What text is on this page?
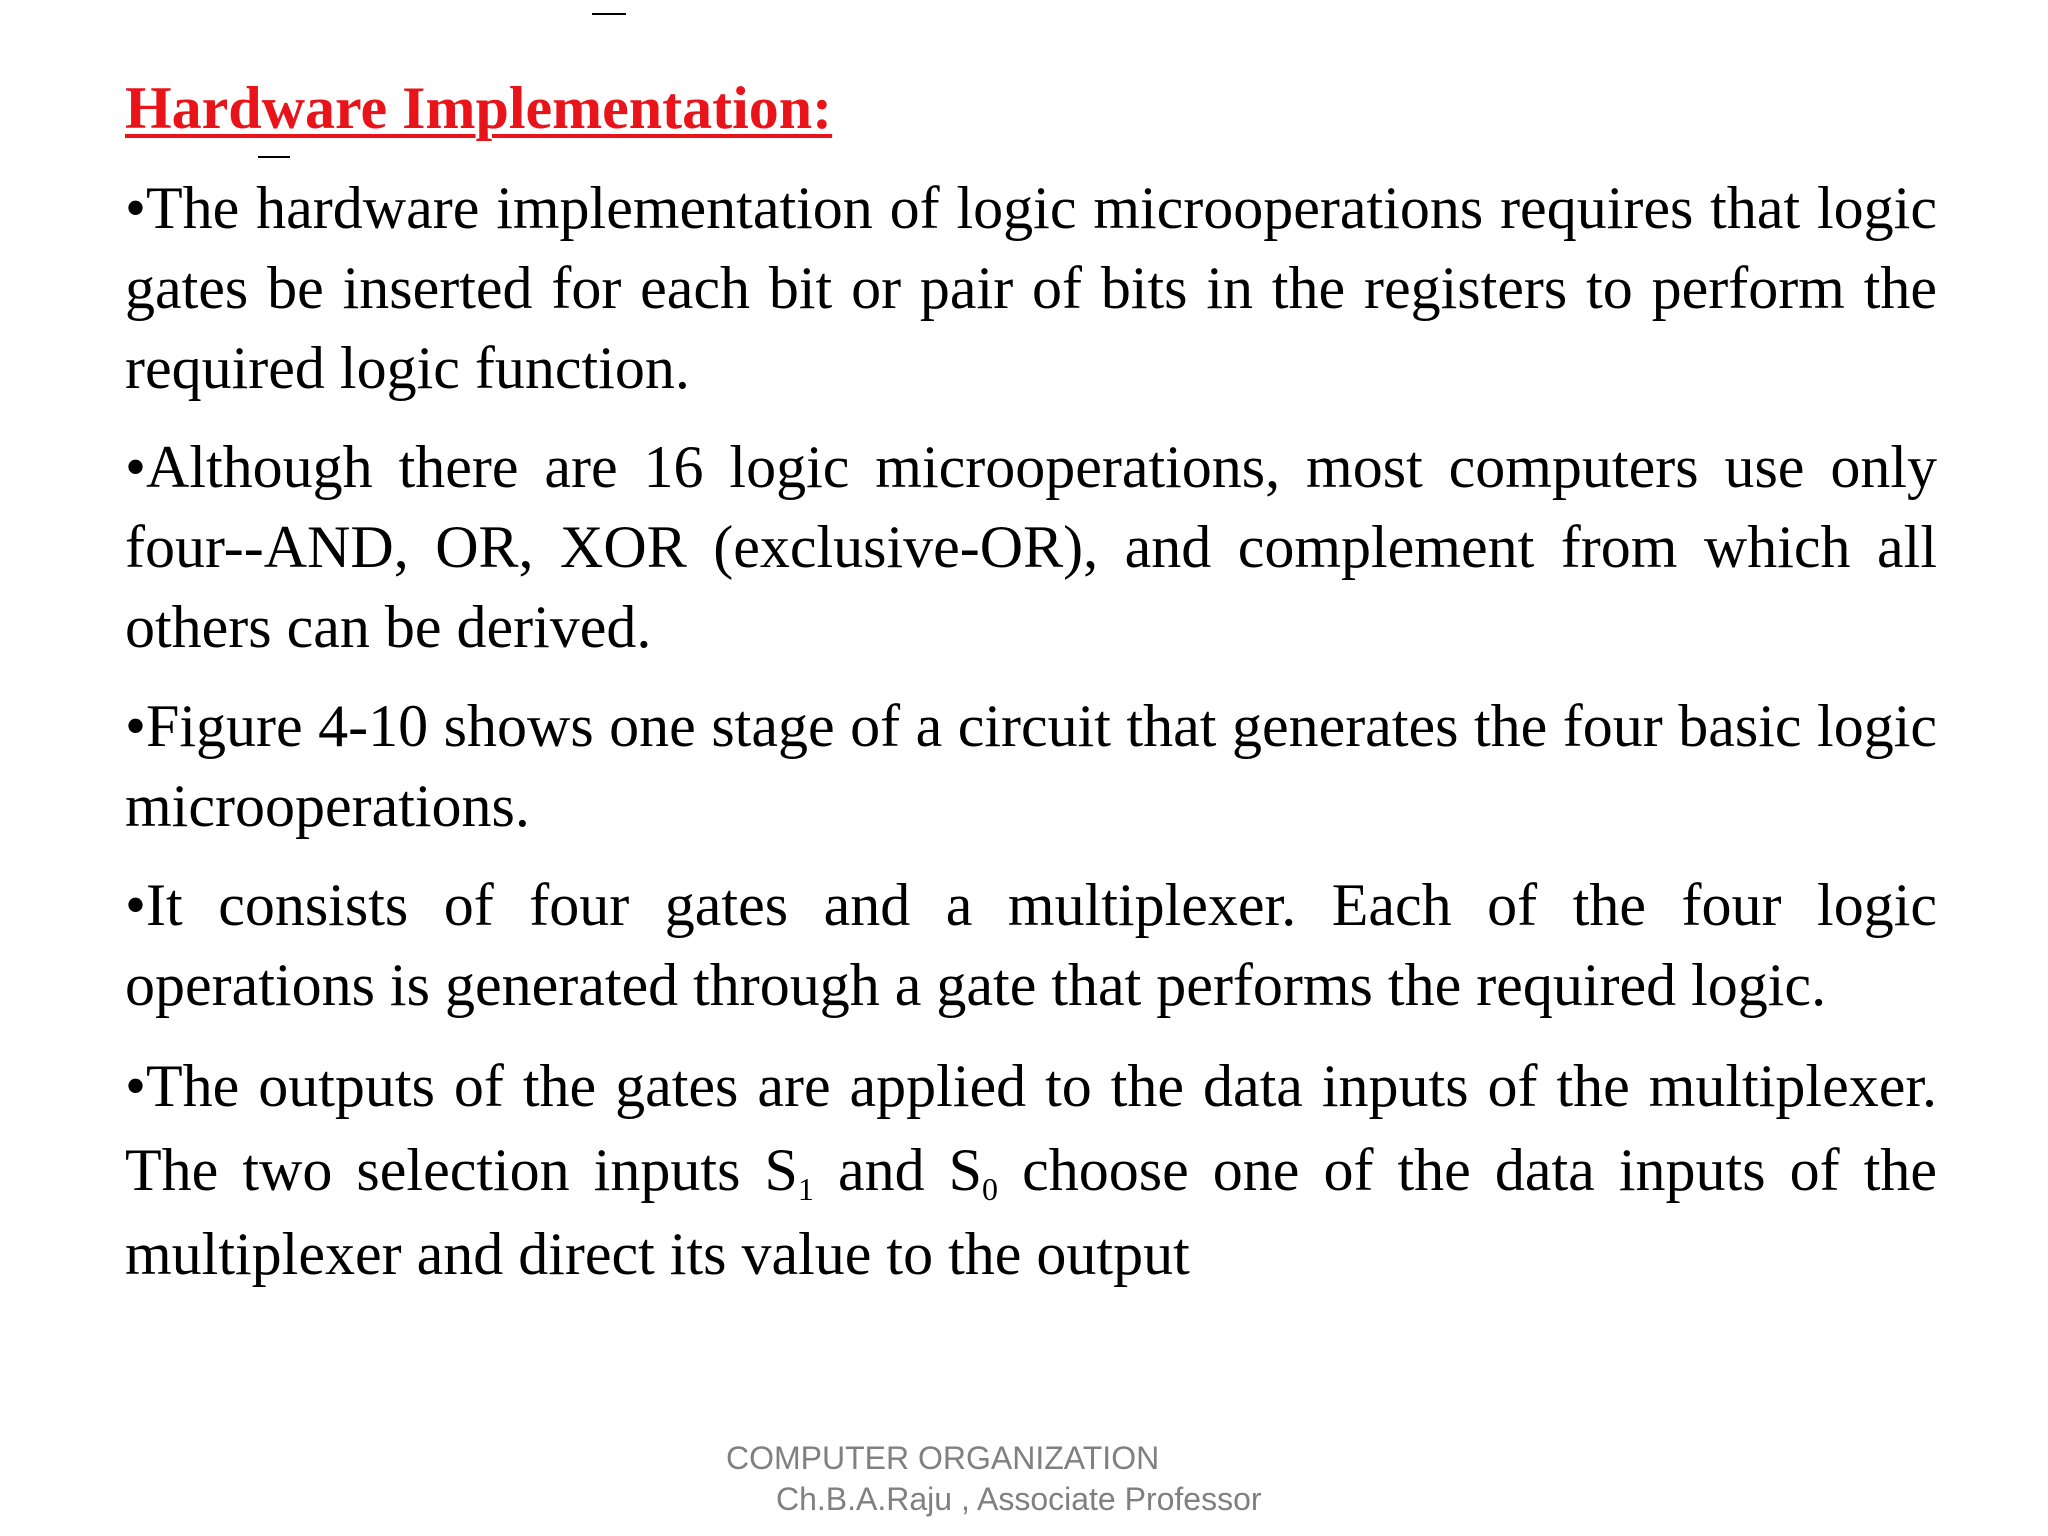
Hardware Implementation:

•The hardware implementation of logic microoperations requires that logic gates be inserted for each bit or pair of bits in the registers to perform the required logic function.

•Although there are 16 logic microoperations, most computers use only four--AND, OR, XOR (exclusive-OR), and complement from which all others can be derived.

•Figure 4-10 shows one stage of a circuit that generates the four basic logic microoperations.

•It consists of four gates and a multiplexer. Each of the four logic operations is generated through a gate that performs the required logic.

•The outputs of the gates are applied to the data inputs of the multiplexer. The two selection inputs $S_1$ and $S_0$ choose one of the data inputs of the multiplexer and direct its value to the output

COMPUTER ORGANIZATION
Ch.B.A.Raju , Associate Professor
